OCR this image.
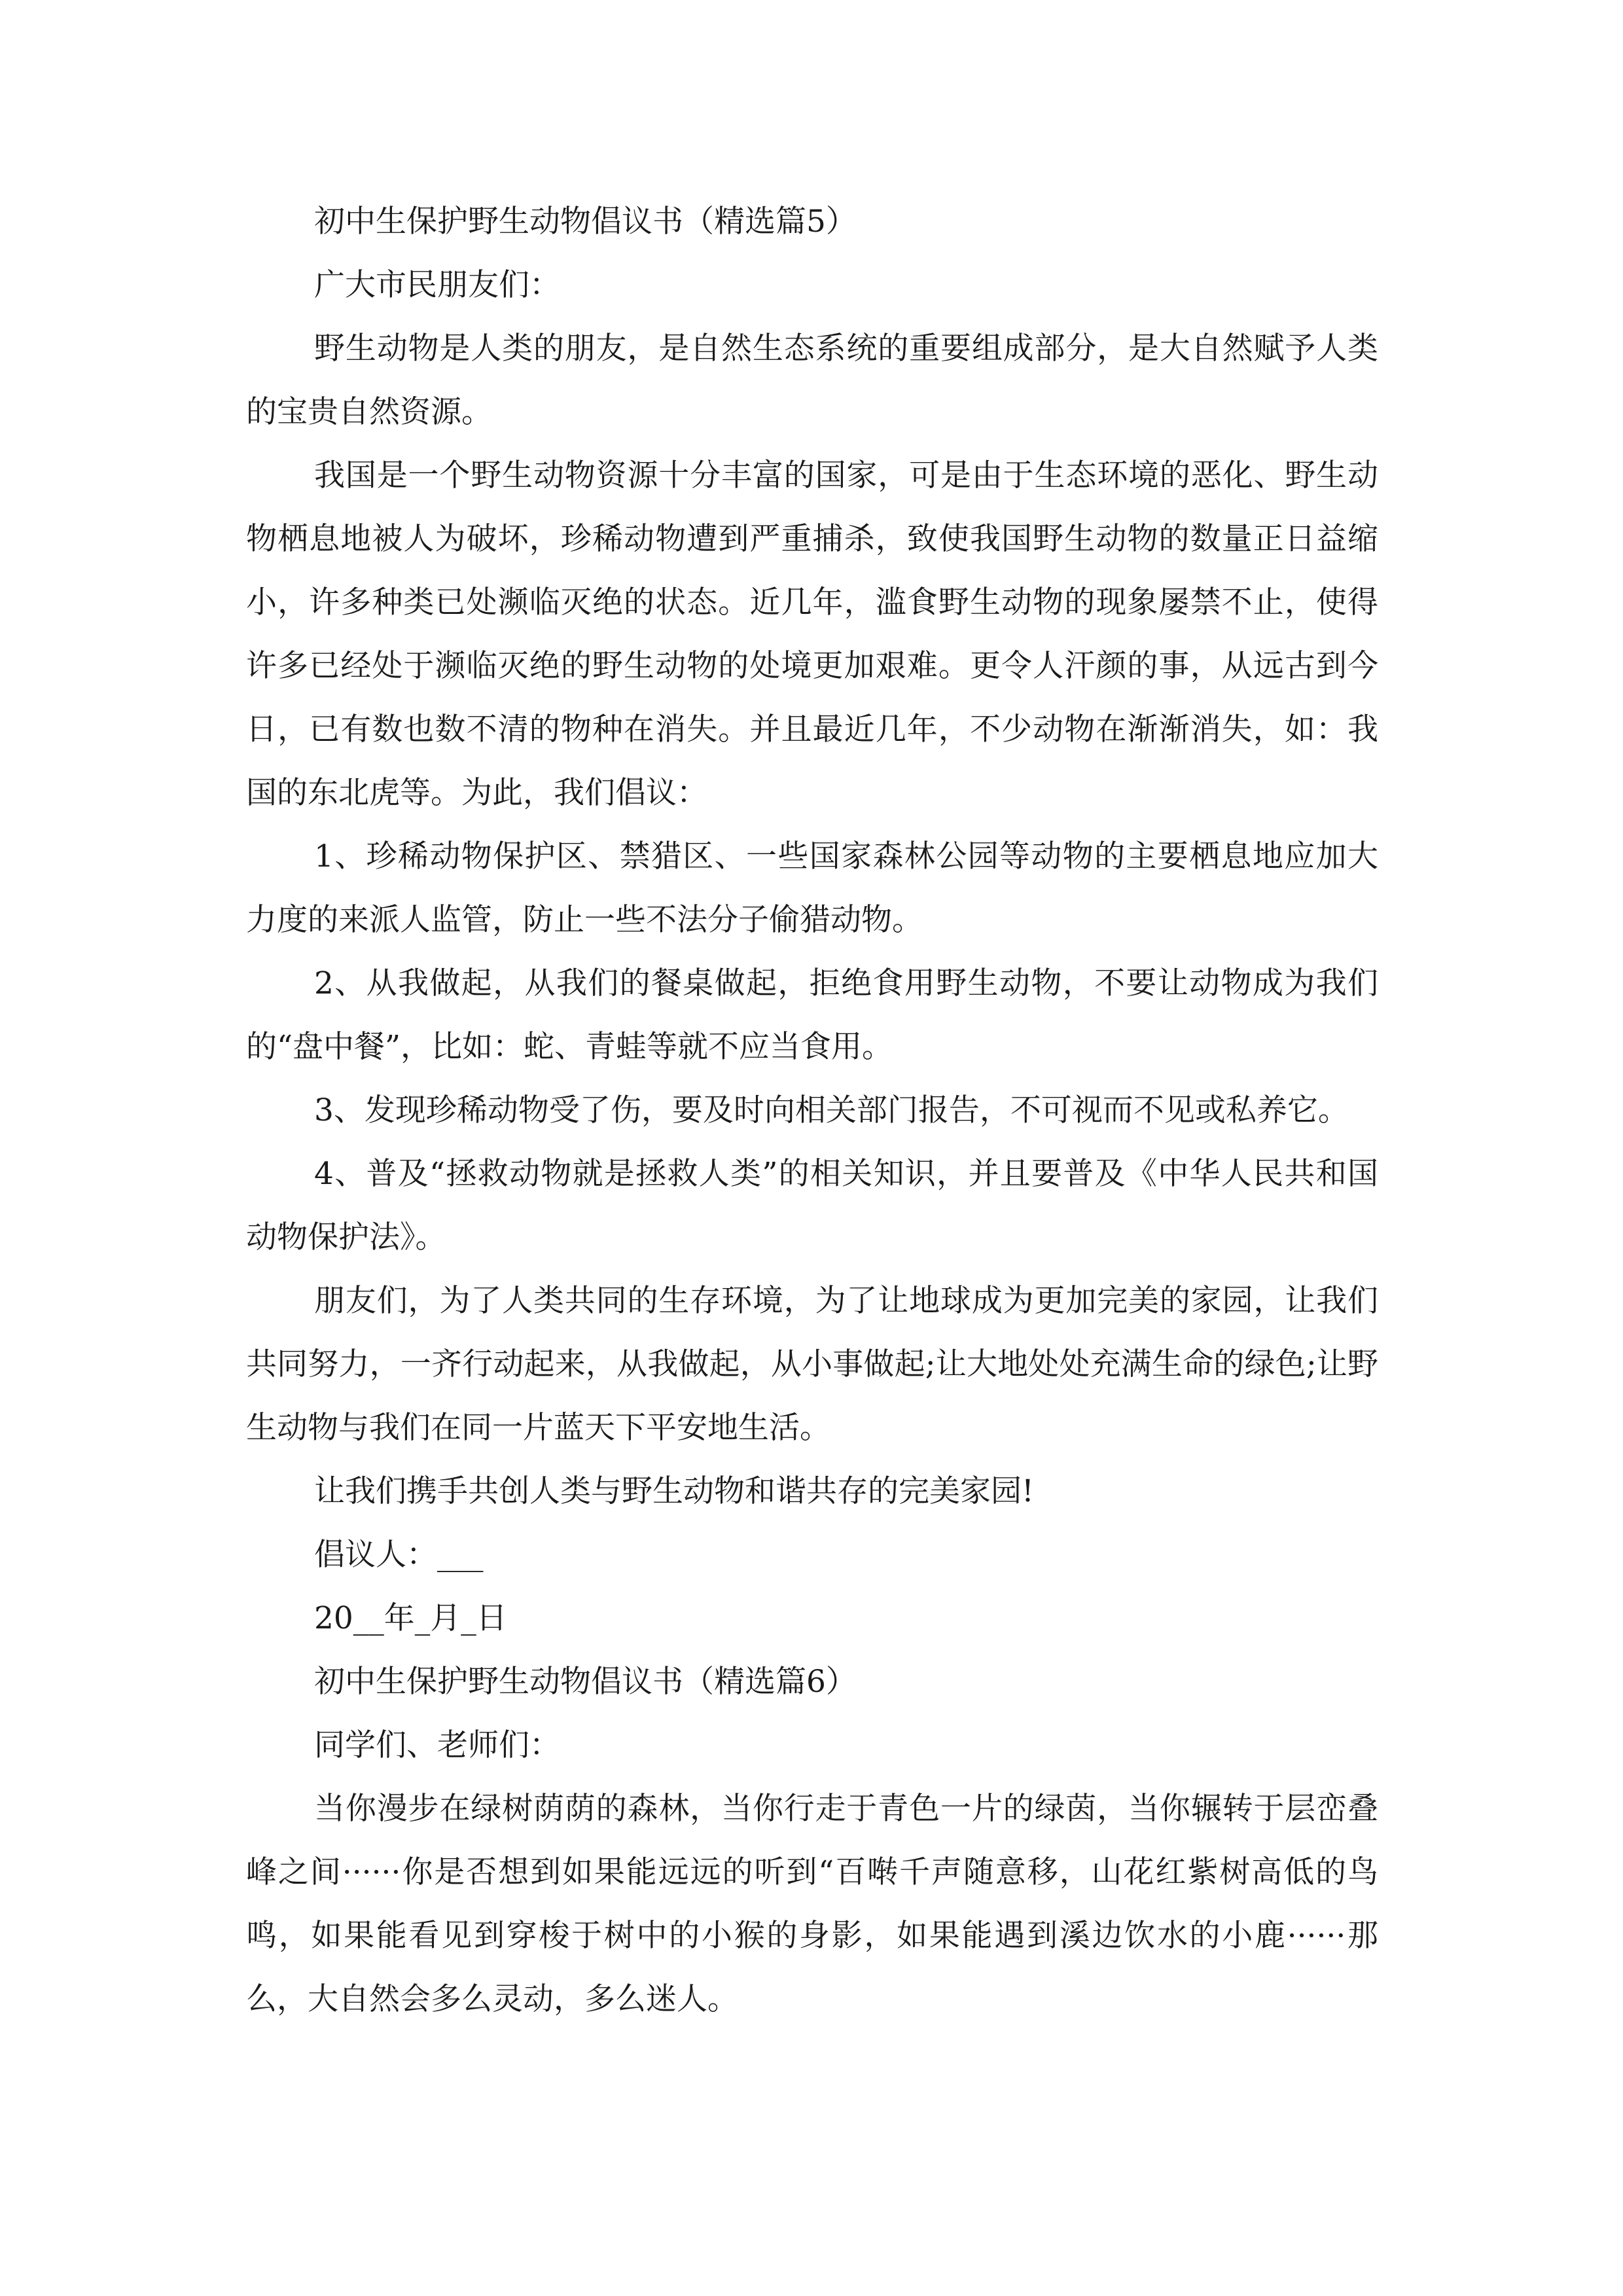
初中生保护野生动物倡议书（精选篇5）

广大市民朋友们：

野生动物是人类的朋友，是自然生态系统的重要组成部分，是大自然赋予人类的宝贵自然资源。

我国是一个野生动物资源十分丰富的国家，可是由于生态环境的恶化、野生动物栖息地被人为破坏，珍稀动物遭到严重捕杀，致使我国野生动物的数量正日益缩小，许多种类已处濒临灭绝的状态。近几年，滥食野生动物的现象屡禁不止，使得许多已经处于濒临灭绝的野生动物的处境更加艰难。更令人汗颜的事，从远古到今日，已有数也数不清的物种在消失。并且最近几年，不少动物在渐渐消失，如：我国的东北虎等。为此，我们倡议：

1、珍稀动物保护区、禁猎区、一些国家森林公园等动物的主要栖息地应加大力度的来派人监管，防止一些不法分子偷猎动物。

2、从我做起，从我们的餐桌做起，拒绝食用野生动物，不要让动物成为我们的“盘中餐”，比如：蛇、青蛙等就不应当食用。

3、发现珍稀动物受了伤，要及时向相关部门报告，不可视而不见或私养它。

4、普及“拯救动物就是拯救人类”的相关知识，并且要普及《中华人民共和国动物保护法》。

朋友们，为了人类共同的生存环境，为了让地球成为更加完美的家园，让我们共同努力，一齐行动起来，从我做起，从小事做起;让大地处处充满生命的绿色;让野生动物与我们在同一片蓝天下平安地生活。

让我们携手共创人类与野生动物和谐共存的完美家园!

倡议人：___

20__年_月_日

初中生保护野生动物倡议书（精选篇6）

同学们、老师们：

当你漫步在绿树荫荫的森林，当你行走于青色一片的绿茵，当你辗转于层峦叠峰之间······你是否想到如果能远远的听到“百啭千声随意移，山花红紫树高低的鸟鸣，如果能看见到穿梭于树中的小猴的身影，如果能遇到溪边饮水的小鹿······那么，大自然会多么灵动，多么迷人。
